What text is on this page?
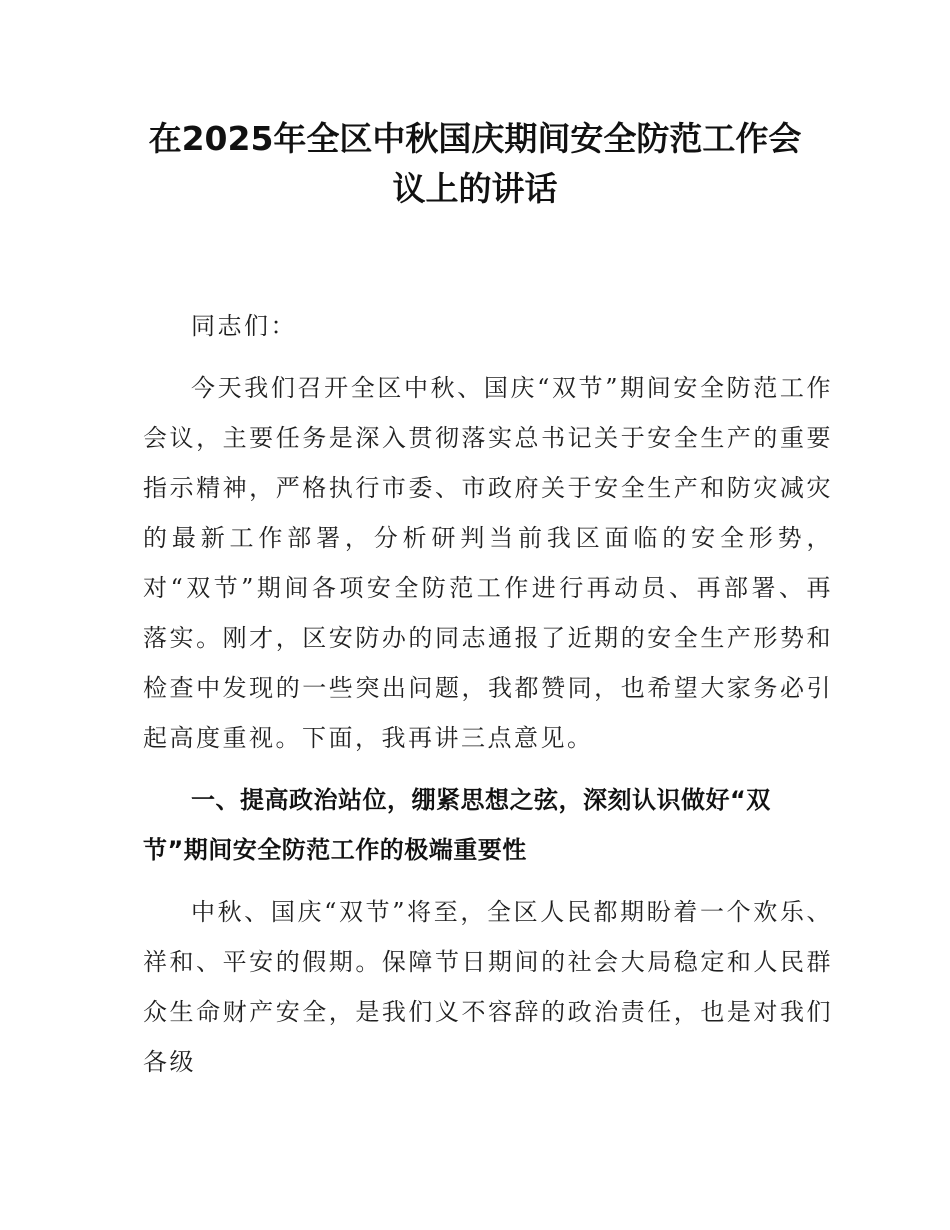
在2025年全区中秋国庆期间安全防范工作会
议上的讲话

同志们：

今天我们召开全区中秋、国庆“双节”期间安全防范工作会议，主要任务是深入贯彻落实总书记关于安全生产的重要指示精神，严格执行市委、市政府关于安全生产和防灾减灾的最新工作部署，分析研判当前我区面临的安全形势，对“双节”期间各项安全防范工作进行再动员、再部署、再落实。刚才，区安防办的同志通报了近期的安全生产形势和检查中发现的一些突出问题，我都赞同，也希望大家务必引起高度重视。下面，我再讲三点意见。

一、提高政治站位，绷紧思想之弦，深刻认识做好“双节”期间安全防范工作的极端重要性

中秋、国庆“双节”将至，全区人民都期盼着一个欢乐、祥和、平安的假期。保障节日期间的社会大局稳定和人民群众生命财产安全，是我们义不容辞的政治责任，也是对我们各级
